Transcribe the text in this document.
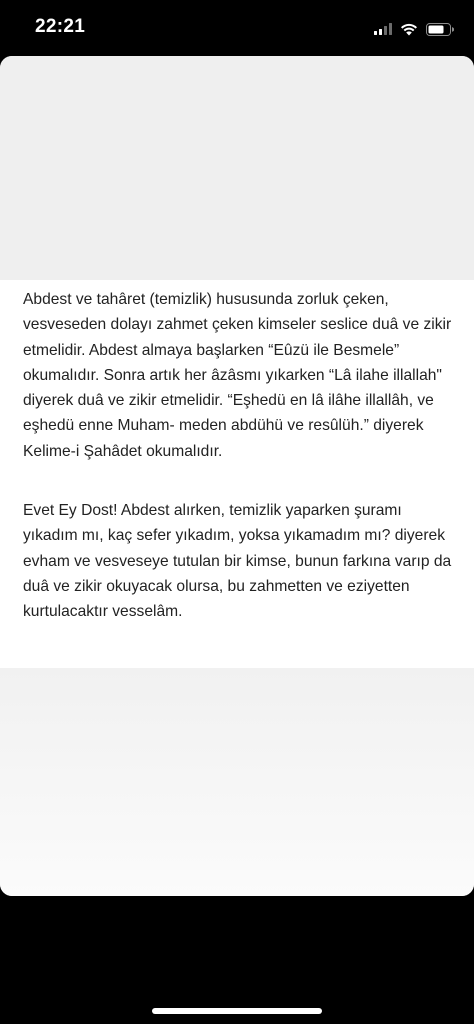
22:21

Abdest ve tahâret (temizlik) hususunda zorluk çeken, vesveseden dolayı zahmet çeken kimseler seslice duâ ve zikir etmelidir. Abdest almaya başlarken “Eûzü ile Besmele” okumalıdır. Sonra artık her âzâsmı yıkarken “Lâ ilahe illallah" diyerek duâ ve zikir etmelidir. “Eşhedü en lâ ilâhe illallâh, ve eşhedü enne Muham- meden abdühü ve resûlüh.” diyerek Kelime-i Şahâdet okumalıdır.

Evet Ey Dost! Abdest alırken, temizlik yaparken şuramı yıkadım mı, kaç sefer yıkadım, yoksa yıkamadım mı? diyerek evham ve vesveseye tutulan bir kimse, bunun farkına varıp da duâ ve zikir okuyacak olursa, bu zahmetten ve eziyetten kurtulacaktır vesselâm.
